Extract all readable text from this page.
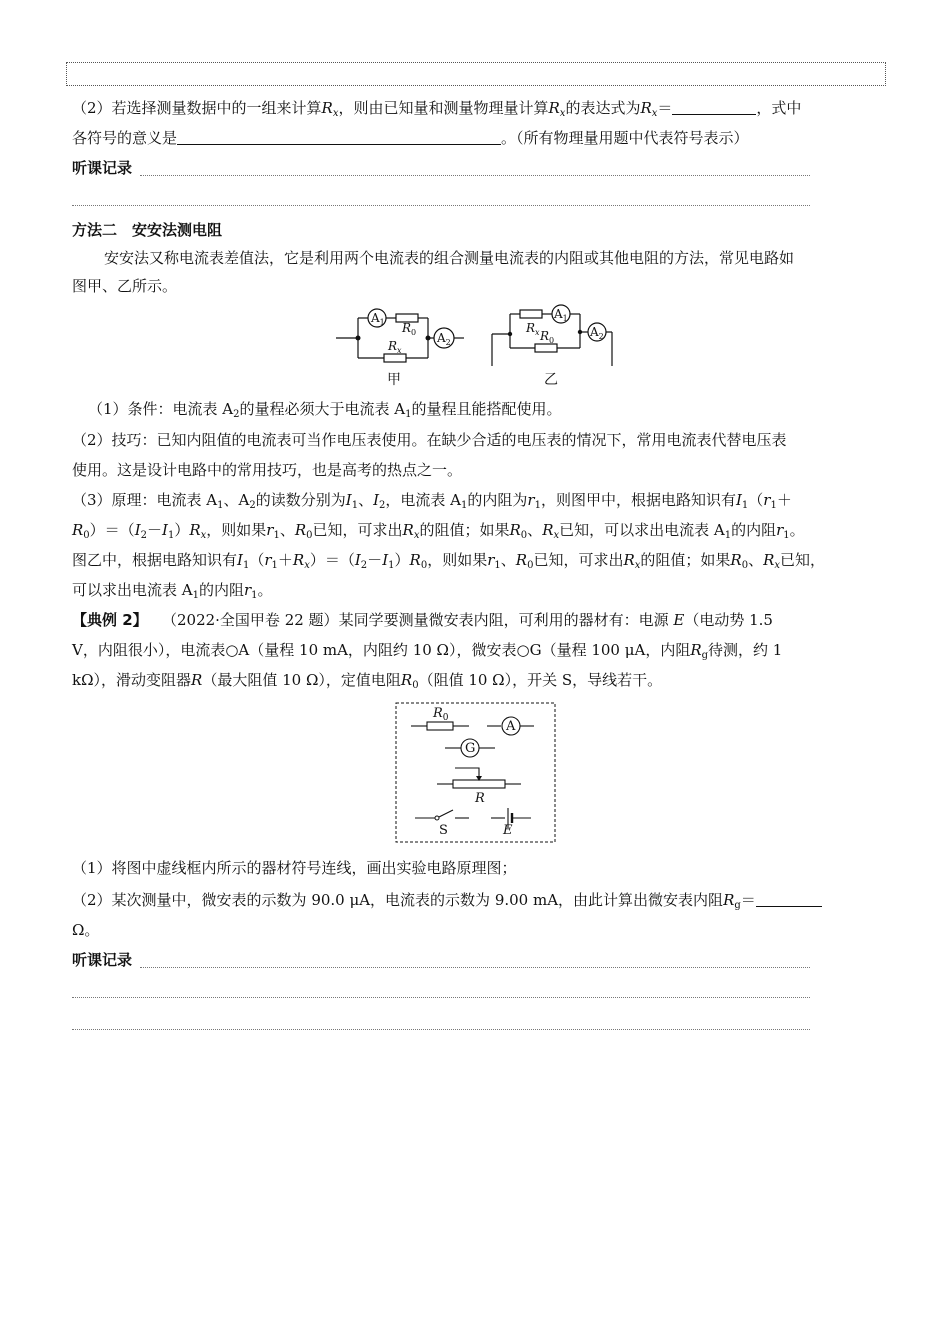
（2）若选择测量数据中的一组来计算$R_x$，则由已知量和测量物理量计算$R_x$的表达式为$R_x=$	，式中
各符号的意义是	。（所有物理量用题中代表符号表示）
听课记录
方法二　安安法测电阻
安安法又称电流表差值法，它是利用两个电流表的组合测量电流表的内阻或其他电阻的方法，常见电路如
图甲、乙所示。
$A_1$ $R_0$
$R_x$
$A_2$
$A_1$
$R_x$ $R_0$
$A_2$
甲	乙
（1）条件：电流表 $A_2$的量程必须大于电流表 $A_1$的量程且能搭配使用。
（2）技巧：已知内阻值的电流表可当作电压表使用。在缺少合适的电压表的情况下，常用电流表代替电压表
使用。这是设计电路中的常用技巧，也是高考的热点之一。
（3）原理：电流表 $A_1$、$A_2$的读数分别为$I_1$、$I_2$，电流表 $A_1$的内阻为$r_1$，则图甲中，根据电路知识有$I_1(r_1+$
$R_0)=(I_2-I_1)R_x$，则如果$r_1$、$R_0$已知，可求出$R_x$的阻值；如果$R_0$、$R_x$已知，可以求出电流表 $A_1$的内阻$r_1$。
图乙中，根据电路知识有$I_1(r_1+R_x)=(I_2-I_1)R_0$，则如果$r_1$、$R_0$已知，可求出$R_x$的阻值；如果$R_0$、$R_x$已知，
可以求出电流表 $A_1$的内阻$r_1$。
【典例 2】 （2022·全国甲卷 22 题）某同学要测量微安表内阻，可利用的器材有：电源 E（电动势 1.5
V，内阻很小），电流表○A（量程 10 mA，内阻约 10 Ω），微安表○G（量程 100 μA，内阻$R_g$待测，约 1
kΩ），滑动变阻器R（最大阻值 10 Ω），定值电阻$R_0$（阻值 10 Ω），开关 S，导线若干。
$R_0$
A
G
R
S	E
（1）将图中虚线框内所示的器材符号连线，画出实验电路原理图；
（2）某次测量中，微安表的示数为 90.0 μA，电流表的示数为 9.00 mA，由此计算出微安表内阻$R_g=$
Ω。
听课记录
